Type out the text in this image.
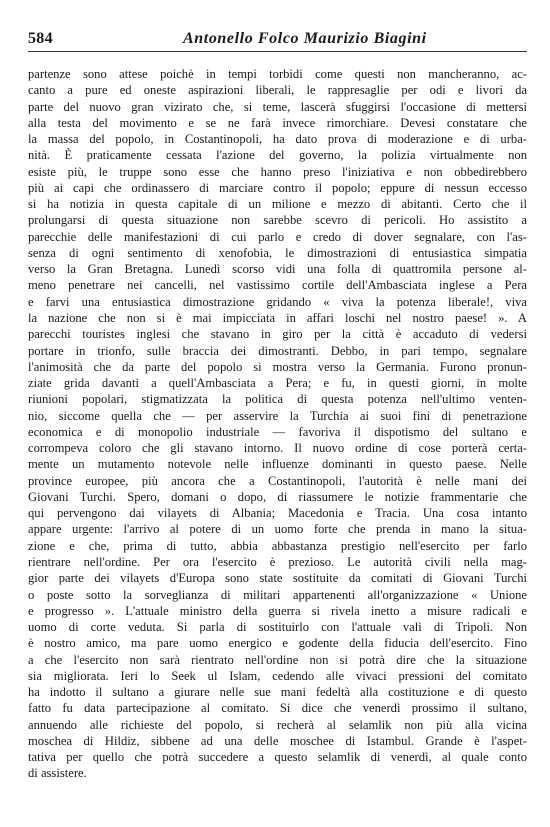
584	Antonello Folco Maurizio Biagini
partenze sono attese poichè in tempi torbidi come questi non mancheranno, ac-
canto a pure ed oneste aspirazioni liberali, le rappresaglie per odi e livori da
parte del nuovo gran vizirato che, si teme, lascerà sfuggirsi l'occasione di mettersi
alla testa del movimento e se ne farà invece rimorchiare. Devesi constatare che
la massa del popolo, in Costantinopoli, ha dato prova di moderazione e di urba-
nità. È praticamente cessata l'azione del governo, la polizia virtualmente non
esiste più, le truppe sono esse che hanno preso l'iniziativa e non obbedirebbero
più ai capi che ordinassero di marciare contro il popolo; eppure di nessun eccesso
si ha notizia in questa capitale di un milione e mezzo di abitanti. Certo che il
prolungarsi di questa situazione non sarebbe scevro di pericoli. Ho assistito a
parecchie delle manifestazioni di cui parlo e credo di dover segnalare, con l'as-
senza di ogni sentimento di xenofobia, le dimostrazioni di entusiastica simpatia
verso la Gran Bretagna. Lunedì scorso vidi una folla di quattromila persone al-
meno penetrare nei cancelli, nel vastissimo cortile dell'Ambasciata inglese a Pera
e farvi una entusiastica dimostrazione gridando « viva la potenza liberale!, viva
la nazione che non si è mai impicciata in affari loschi nel nostro paese! ». A
parecchi touristes inglesi che stavano in giro per la città è accaduto di vedersi
portare in trionfo, sulle braccia dei dimostranti. Debbo, in pari tempo, segnalare
l'animosità che da parte del popolo si mostra verso la Germania. Furono pronun-
ziate grida davanti a quell'Ambasciata a Pera; e fu, in questi giorni, in molte
riunioni popolari, stigmatizzata la politica di questa potenza nell'ultimo venten-
nio, siccome quella che — per asservire la Turchia ai suoi fini di penetrazione
economica e di monopolio industriale — favoriva il dispotismo del sultano e
corrompeva coloro che gli stavano intorno. Il nuovo ordine di cose porterà certa-
mente un mutamento notevole nelle influenze dominanti in questo paese. Nelle
province europee, più ancora che a Costantinopoli, l'autorità è nelle mani dei
Giovani Turchi. Spero, domani o dopo, di riassumere le notizie frammentarie che
qui pervengono dai vilayets di Albania; Macedonia e Tracia. Una cosa intanto
appare urgente: l'arrivo al potere di un uomo forte che prenda in mano la situa-
zione e che, prima di tutto, abbia abbastanza prestigio nell'esercito per farlo
rientrare nell'ordine. Per ora l'esercito è prezioso. Le autorità civili nella mag-
gior parte dei vilayets d'Europa sono state sostituite da comitati di Giovani Turchi
o poste sotto la sorveglianza di militari appartenenti all'organizzazione « Unione
e progresso ». L'attuale ministro della guerra si rivela inetto a misure radicali e
uomo di corte veduta. Si parla di sostituirlo con l'attuale valì di Tripoli. Non
è nostro amico, ma pare uomo energico e godente della fiducia dell'esercito. Fino
a che l'esercito non sarà rientrato nell'ordine non si potrà dire che la situazione
sia migliorata. Ieri lo Seek ul Islam, cedendo alle vivaci pressioni del comitato
ha indotto il sultano a giurare nelle sue mani fedeltà alla costituzione e di questo
fatto fu data partecipazione al comitato. Si dice che venerdì prossimo il sultano,
annuendo alle richieste del popolo, si recherà al selamlik non più alla vicina
moschea di Hildiz, sibbene ad una delle moschee di Istambul. Grande è l'aspet-
tativa per quello che potrà succedere a questo selamlik di venerdì, al quale conto
di assistere.
